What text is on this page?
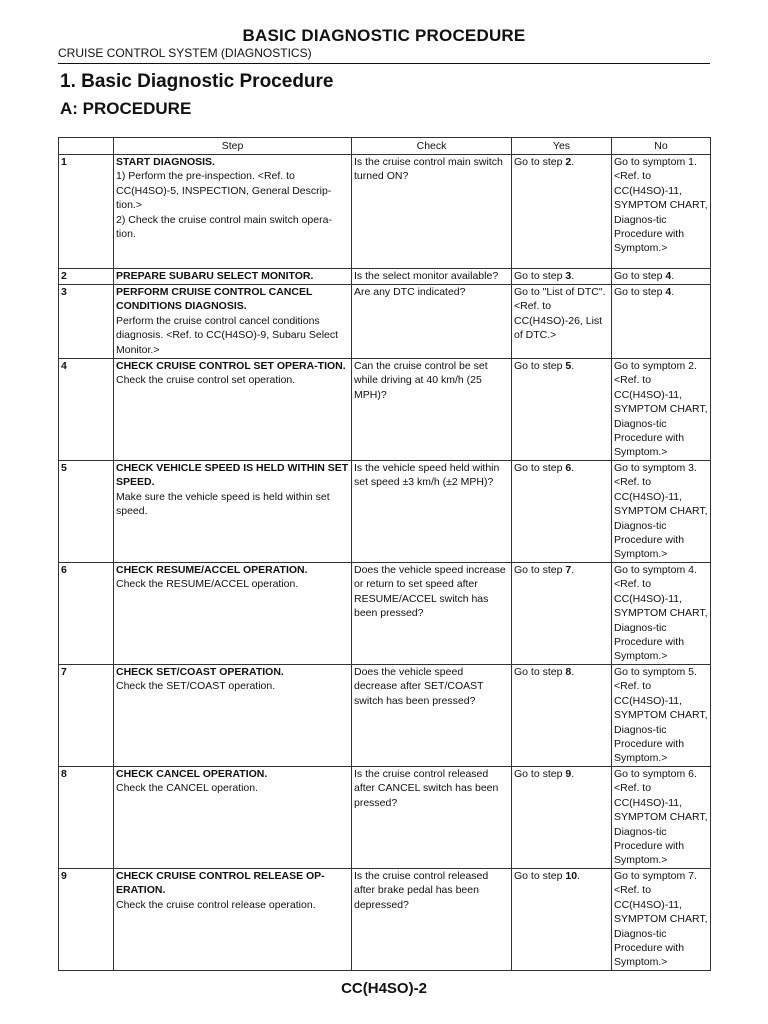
BASIC DIAGNOSTIC PROCEDURE
CRUISE CONTROL SYSTEM (DIAGNOSTICS)
1. Basic Diagnostic Procedure
A: PROCEDURE
	Step	Check	Yes	No
1	START DIAGNOSIS.
1) Perform the pre-inspection. <Ref. to CC(H4SO)-5, INSPECTION, General Descrip-tion.>
2) Check the cruise control main switch opera-tion.	Is the cruise control main switch turned ON?	Go to step 2.	Go to symptom 1. <Ref. to CC(H4SO)-11, SYMPTOM CHART, Diagnos-tic Procedure with Symptom.>
2	PREPARE SUBARU SELECT MONITOR.	Is the select monitor available?	Go to step 3.	Go to step 4.
3	PERFORM CRUISE CONTROL CANCEL CONDITIONS DIAGNOSIS.
Perform the cruise control cancel conditions diagnosis. <Ref. to CC(H4SO)-9, Subaru Select Monitor.>	Are any DTC indicated?	Go to "List of DTC". <Ref. to CC(H4SO)-26, List of DTC.>	Go to step 4.
4	CHECK CRUISE CONTROL SET OPERA-TION.
Check the cruise control set operation.	Can the cruise control be set while driving at 40 km/h (25 MPH)?	Go to step 5.	Go to symptom 2. <Ref. to CC(H4SO)-11, SYMPTOM CHART, Diagnos-tic Procedure with Symptom.>
5	CHECK VEHICLE SPEED IS HELD WITHIN SET SPEED.
Make sure the vehicle speed is held within set speed.	Is the vehicle speed held within set speed ±3 km/h (±2 MPH)?	Go to step 6.	Go to symptom 3. <Ref. to CC(H4SO)-11, SYMPTOM CHART, Diagnos-tic Procedure with Symptom.>
6	CHECK RESUME/ACCEL OPERATION.
Check the RESUME/ACCEL operation.	Does the vehicle speed increase or return to set speed after RESUME/ACCEL switch has been pressed?	Go to step 7.	Go to symptom 4. <Ref. to CC(H4SO)-11, SYMPTOM CHART, Diagnos-tic Procedure with Symptom.>
7	CHECK SET/COAST OPERATION.
Check the SET/COAST operation.	Does the vehicle speed decrease after SET/COAST switch has been pressed?	Go to step 8.	Go to symptom 5. <Ref. to CC(H4SO)-11, SYMPTOM CHART, Diagnos-tic Procedure with Symptom.>
8	CHECK CANCEL OPERATION.
Check the CANCEL operation.	Is the cruise control released after CANCEL switch has been pressed?	Go to step 9.	Go to symptom 6. <Ref. to CC(H4SO)-11, SYMPTOM CHART, Diagnos-tic Procedure with Symptom.>
9	CHECK CRUISE CONTROL RELEASE OP-ERATION.
Check the cruise control release operation.	Is the cruise control released after brake pedal has been depressed?	Go to step 10.	Go to symptom 7. <Ref. to CC(H4SO)-11, SYMPTOM CHART, Diagnos-tic Procedure with Symptom.>
CC(H4SO)-2
